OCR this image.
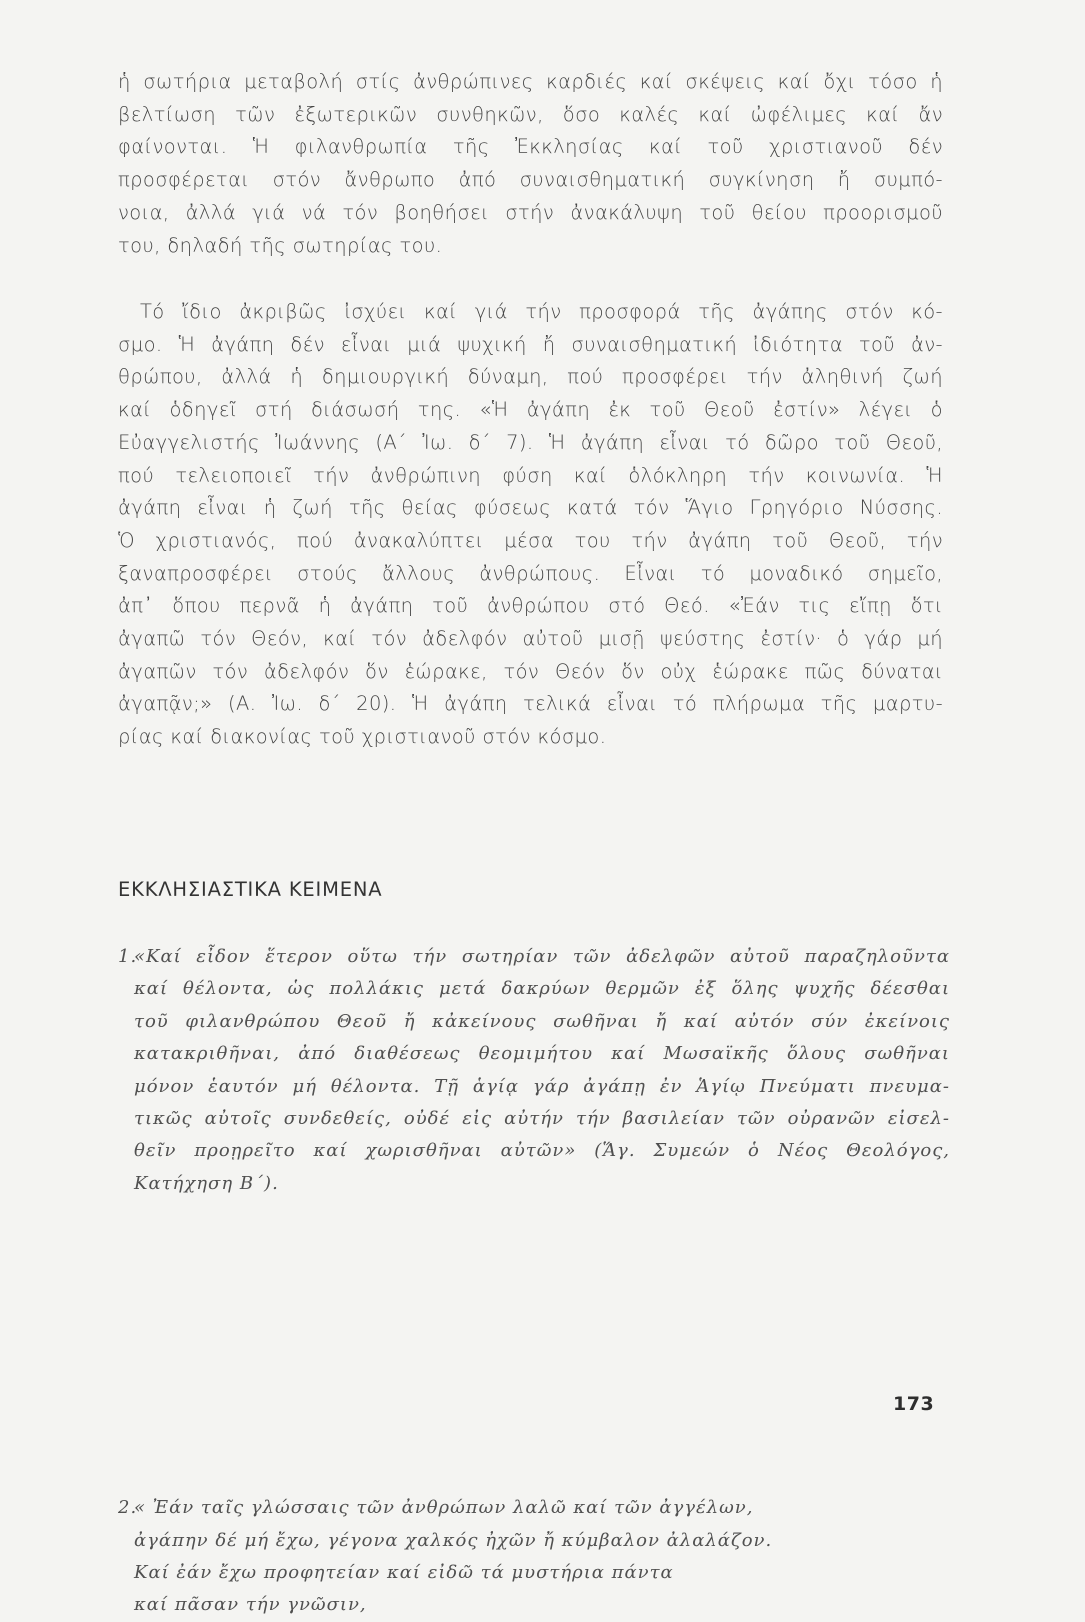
ἡ σωτήρια μεταβολή στίς ἀνθρώπινες καρδιές καί σκέψεις καί ὄχι τόσο ἡ
βελτίωση τῶν ἐξωτερικῶν συνθηκῶν, ὅσο καλές καί ὠφέλιμες καί ἄν
φαίνονται. Ἡ φιλανθρωπία τῆς Ἐκκλησίας καί τοῦ χριστιανοῦ δέν
προσφέρεται στόν ἄνθρωπο ἀπό συναισθηματική συγκίνηση ἤ συμπό-
νοια, ἀλλά γιά νά τόν βοηθήσει στήν ἀνακάλυψη τοῦ θείου προορισμοῦ
του, δηλαδή τῆς σωτηρίας του.
Τό ἴδιο ἀκριβῶς ἰσχύει καί γιά τήν προσφορά τῆς ἀγάπης στόν κό-
σμο. Ἡ ἀγάπη δέν εἶναι μιά ψυχική ἤ συναισθηματική ἰδιότητα τοῦ ἀν-
θρώπου, ἀλλά ἡ δημιουργική δύναμη, πού προσφέρει τήν ἀληθινή ζωή
καί ὁδηγεῖ στή διάσωσή της. «Ἡ ἀγάπη ἐκ τοῦ Θεοῦ ἐστίν» λέγει ὁ
Εὐαγγελιστής Ἰωάννης (Α΄ Ἰω. δ΄ 7). Ἡ ἀγάπη εἶναι τό δῶρο τοῦ Θεοῦ,
πού τελειοποιεῖ τήν ἀνθρώπινη φύση καί ὁλόκληρη τήν κοινωνία. Ἡ
ἀγάπη εἶναι ἡ ζωή τῆς θείας φύσεως κατά τόν Ἅγιο Γρηγόριο Νύσσης.
Ὁ χριστιανός, πού ἀνακαλύπτει μέσα του τήν ἀγάπη τοῦ Θεοῦ, τήν
ξαναπροσφέρει στούς ἄλλους ἀνθρώπους. Εἶναι τό μοναδικό σημεῖο,
ἀπ᾿ ὅπου περνᾶ ἡ ἀγάπη τοῦ ἀνθρώπου στό Θεό. «Ἐάν τις εἴπῃ ὅτι
ἀγαπῶ τόν Θεόν, καί τόν ἀδελφόν αὐτοῦ μισῇ ψεύστης ἐστίν· ὁ γάρ μή
ἀγαπῶν τόν ἀδελφόν ὅν ἑώρακε, τόν Θεόν ὅν οὐχ ἑώρακε πῶς δύναται
ἀγαπᾷν;» (Α. Ἰω. δ΄ 20). Ἡ ἀγάπη τελικά εἶναι τό πλήρωμα τῆς μαρτυ-
ρίας καί διακονίας τοῦ χριστιανοῦ στόν κόσμο.
ΕΚΚΛΗΣΙΑΣΤΙΚΑ ΚΕΙΜΕΝΑ
1.
«Καί εἶδον ἕτερον οὕτω τήν σωτηρίαν τῶν ἀδελφῶν αὐτοῦ παραζηλοῦντα
καί θέλοντα, ὡς πολλάκις μετά δακρύων θερμῶν ἐξ ὅλης ψυχῆς δέεσθαι
τοῦ φιλανθρώπου Θεοῦ ἤ κἀκείνους σωθῆναι ἤ καί αὐτόν σύν ἐκείνοις
κατακριθῆναι, ἀπό διαθέσεως θεομιμήτου καί Μωσαϊκῆς ὅλους σωθῆναι
μόνον ἑαυτόν μή θέλοντα. Τῇ ἁγίᾳ γάρ ἀγάπῃ ἐν Ἁγίῳ Πνεύματι πνευμα-
τικῶς αὐτοῖς συνδεθείς, οὐδέ εἰς αὐτήν τήν βασιλείαν τῶν οὐρανῶν εἰσελ-
θεῖν προῃρεῖτο καί χωρισθῆναι αὐτῶν» (Ἅγ. Συμεών ὁ Νέος Θεολόγος,
Κατήχηση Β΄).
2.
« Ἐάν ταῖς γλώσσαις τῶν ἀνθρώπων λαλῶ καί τῶν ἀγγέλων,
ἀγάπην δέ μή ἔχω, γέγονα χαλκός ἠχῶν ἤ κύμβαλον ἀλαλάζον.
Καί ἐάν ἔχω προφητείαν καί εἰδῶ τά μυστήρια πάντα
καί πᾶσαν τήν γνῶσιν,
173
